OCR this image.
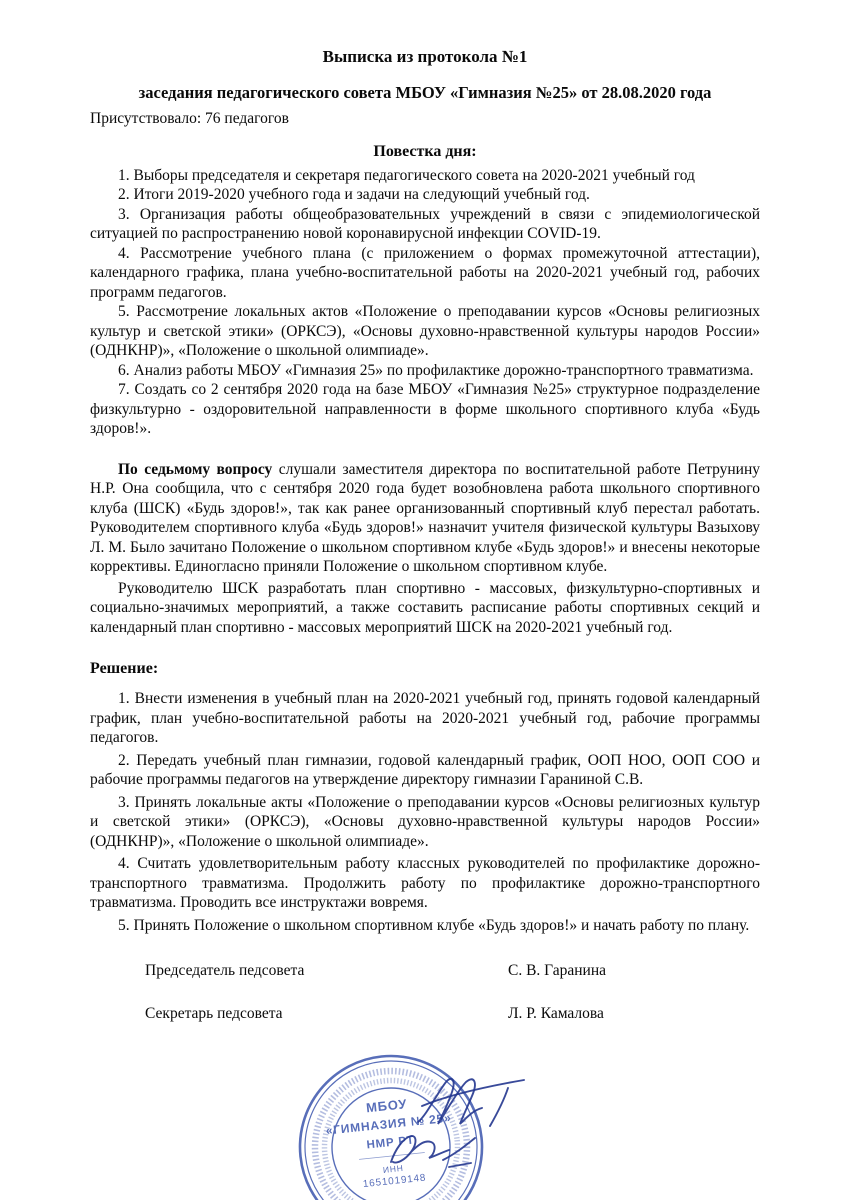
Выписка из протокола №1
заседания педагогического совета МБОУ «Гимназия №25» от 28.08.2020 года

Присутствовало: 76 педагогов

Повестка дня:

1. Выборы председателя и секретаря педагогического совета на 2020-2021 учебный год

2. Итоги 2019-2020 учебного года и задачи на следующий учебный год.

3. Организация работы общеобразовательных учреждений в связи с эпидемиологической ситуацией по распространению новой коронавирусной инфекции COVID-19.

4. Рассмотрение учебного плана (с приложением о формах промежуточной аттестации), календарного графика, плана учебно-воспитательной работы на 2020-2021 учебный год, рабочих программ педагогов.

5. Рассмотрение локальных актов «Положение о преподавании курсов «Основы религиозных культур и светской этики» (ОРКСЭ), «Основы духовно-нравственной культуры народов России» (ОДНКНР)», «Положение о школьной олимпиаде».

6. Анализ работы МБОУ «Гимназия 25» по профилактике дорожно-транспортного травматизма.

7. Создать со 2 сентября 2020 года на базе МБОУ «Гимназия №25» структурное подразделение физкультурно - оздоровительной направленности в форме школьного спортивного клуба «Будь здоров!».

По седьмому вопросу слушали заместителя директора по воспитательной работе Петрунину Н.Р. Она сообщила, что с сентября 2020 года будет возобновлена работа школьного спортивного клуба (ШСК) «Будь здоров!», так как ранее организованный спортивный клуб перестал работать. Руководителем спортивного клуба «Будь здоров!» назначит учителя физической культуры Вазыхову Л. М. Было зачитано Положение о школьном спортивном клубе «Будь здоров!» и внесены некоторые коррективы. Единогласно приняли Положение о школьном спортивном клубе.

Руководителю ШСК разработать план спортивно - массовых, физкультурно-спортивных и социально-значимых мероприятий, а также составить расписание работы спортивных секций и календарный план спортивно - массовых мероприятий ШСК на 2020-2021 учебный год.

Решение:

1. Внести изменения в учебный план на 2020-2021 учебный год, принять годовой календарный график, план учебно-воспитательной работы на 2020-2021 учебный год, рабочие программы педагогов.

2. Передать учебный план гимназии, годовой календарный график, ООП НОО, ООП СОО и рабочие программы педагогов на утверждение директору гимназии Гараниной С.В.

3. Принять локальные акты «Положение о преподавании курсов «Основы религиозных культур и светской этики» (ОРКСЭ), «Основы духовно-нравственной культуры народов России» (ОДНКНР)», «Положение о школьной олимпиаде».

4. Считать удовлетворительным работу классных руководителей по профилактике дорожно-транспортного травматизма. Продолжить работу по профилактике дорожно-транспортного травматизма. Проводить все инструктажи вовремя.

5. Принять Положение о школьном спортивном клубе «Будь здоров!» и начать работу по плану.

Председатель педсовета	С. В. Гаранина
Секретарь педсовета	Л. Р. Камалова
МБОУ
«ГИМНАЗИЯ № 25»
НМР РТ
ИНН
1651019148
